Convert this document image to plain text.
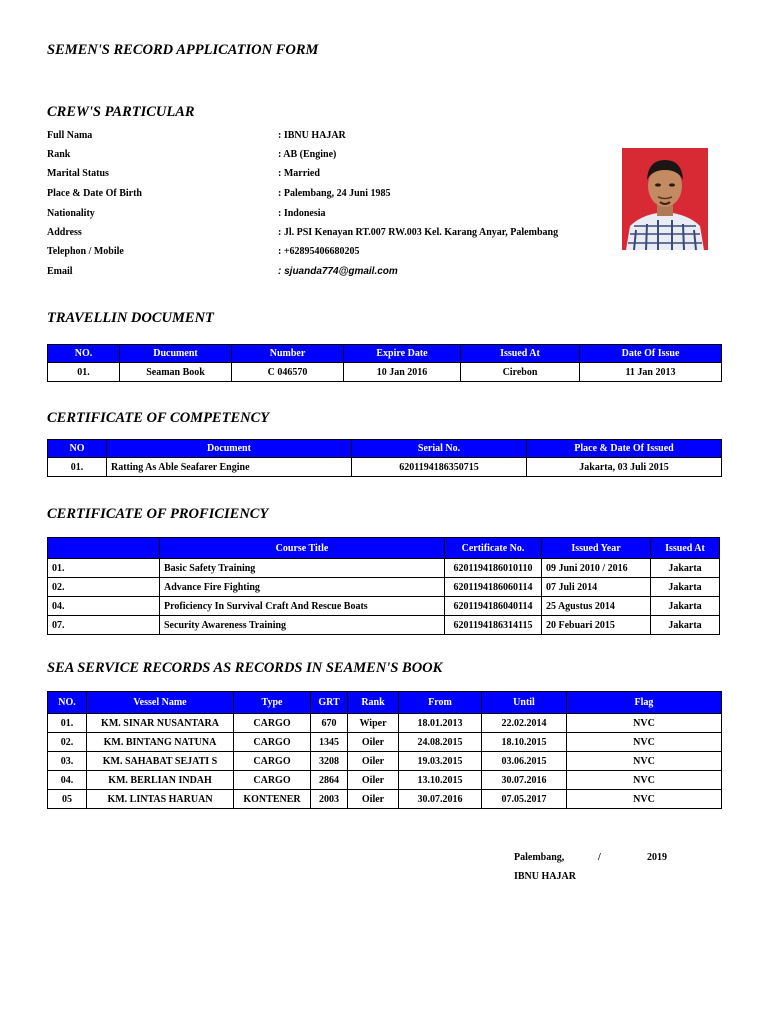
SEMEN'S RECORD APPLICATION FORM
CREW'S PARTICULAR
Full Nama	: IBNU HAJAR
Rank	: AB (Engine)
Marital Status	: Married
Place & Date Of Birth	: Palembang, 24 Juni 1985
Nationality	: Indonesia
Address	: Jl. PSI Kenayan RT.007 RW.003 Kel. Karang Anyar, Palembang
Telephon / Mobile	: +62895406680205
Email	: sjuanda774@gmail.com
TRAVELLIN DOCUMENT
NO.	Ducument	Number	Expire Date	Issued At	Date Of Issue
01.	Seaman Book	C 046570	10 Jan 2016	Cirebon	11 Jan 2013
CERTIFICATE OF COMPETENCY
NO	Document	Serial No.	Place & Date Of Issued
01.	Ratting As Able Seafarer Engine	6201194186350715	Jakarta, 03 Juli 2015
CERTIFICATE OF PROFICIENCY
	Course Title	Certificate No.	Issued Year	Issued At
01.	Basic Safety Training	6201194186010110	09 Juni 2010 / 2016	Jakarta
02.	Advance Fire Fighting	6201194186060114	07 Juli 2014	Jakarta
04.	Proficiency In Survival Craft And Rescue Boats	6201194186040114	25 Agustus 2014	Jakarta
07.	Security Awareness Training	6201194186314115	20 Febuari 2015	Jakarta
SEA SERVICE RECORDS AS RECORDS IN SEAMEN'S BOOK
NO.	Vessel Name	Type	GRT	Rank	From	Until	Flag
01.	KM. SINAR NUSANTARA	CARGO	670	Wiper	18.01.2013	22.02.2014	NVC
02.	KM. BINTANG NATUNA	CARGO	1345	Oiler	24.08.2015	18.10.2015	NVC
03.	KM. SAHABAT SEJATI S	CARGO	3208	Oiler	19.03.2015	03.06.2015	NVC
04.	KM. BERLIAN INDAH	CARGO	2864	Oiler	13.10.2015	30.07.2016	NVC
05	KM. LINTAS HARUAN	KONTENER	2003	Oiler	30.07.2016	07.05.2017	NVC
Palembang,	/	2019
IBNU HAJAR
